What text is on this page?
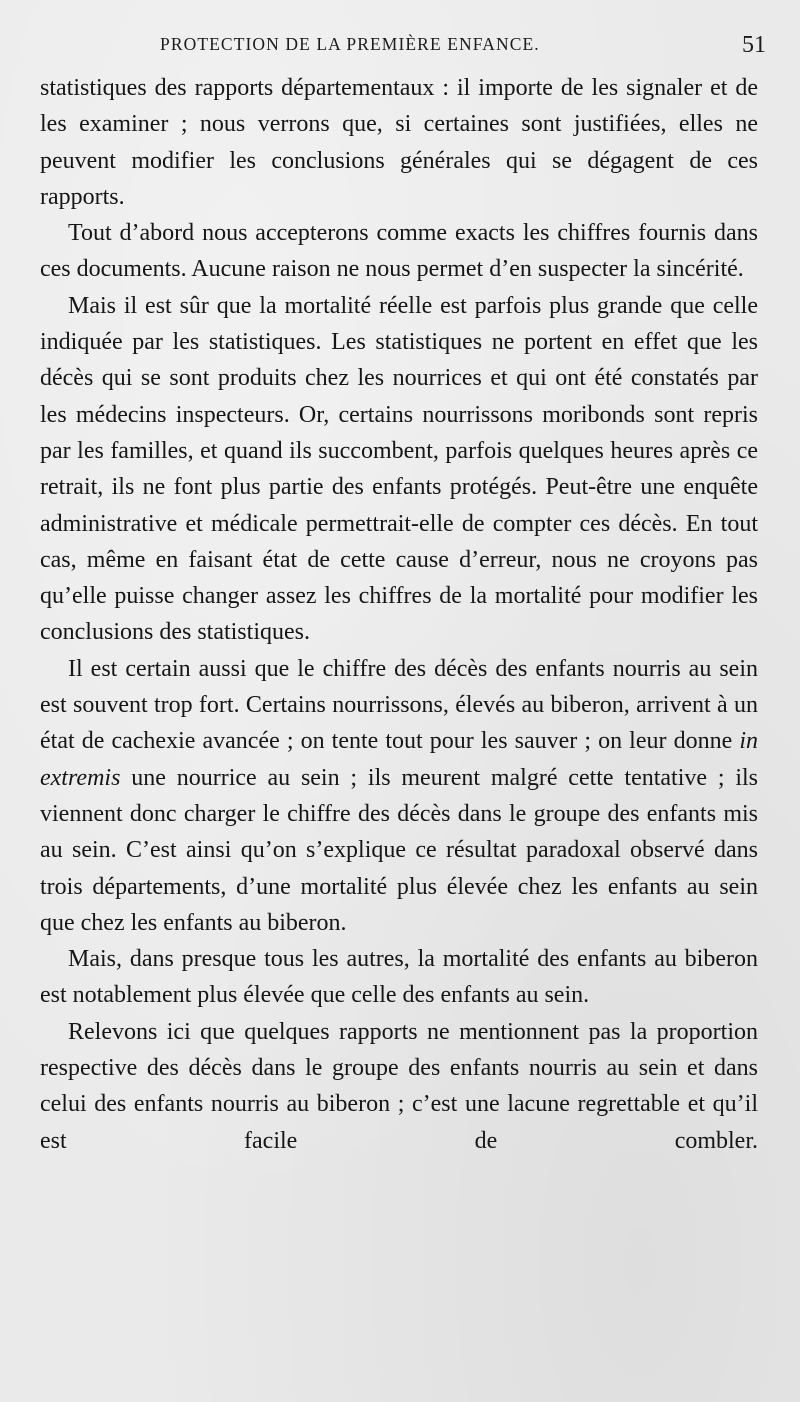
PROTECTION DE LA PREMIÈRE ENFANCE.	51

statistiques des rapports départementaux : il importe de les signaler et de les examiner ; nous verrons que, si certaines sont justifiées, elles ne peuvent modifier les conclusions générales qui se dégagent de ces rapports.

Tout d’abord nous accepterons comme exacts les chiffres fournis dans ces documents. Aucune raison ne nous permet d’en suspecter la sincérité.

Mais il est sûr que la mortalité réelle est parfois plus grande que celle indiquée par les statistiques. Les statistiques ne portent en effet que les décès qui se sont produits chez les nourrices et qui ont été constatés par les médecins inspecteurs. Or, certains nourrissons moribonds sont repris par les familles, et quand ils succombent, parfois quelques heures après ce retrait, ils ne font plus partie des enfants protégés. Peut-être une enquête administrative et médicale permettrait-elle de compter ces décès. En tout cas, même en faisant état de cette cause d’erreur, nous ne croyons pas qu’elle puisse changer assez les chiffres de la mortalité pour modifier les conclusions des statistiques.

Il est certain aussi que le chiffre des décès des enfants nourris au sein est souvent trop fort. Certains nourrissons, élevés au biberon, arrivent à un état de cachexie avancée ; on tente tout pour les sauver ; on leur donne in extremis une nourrice au sein ; ils meurent malgré cette tentative ; ils viennent donc charger le chiffre des décès dans le groupe des enfants mis au sein. C’est ainsi qu’on s’explique ce résultat paradoxal observé dans trois départements, d’une mortalité plus élevée chez les enfants au sein que chez les enfants au biberon.

Mais, dans presque tous les autres, la mortalité des enfants au biberon est notablement plus élevée que celle des enfants au sein.

Relevons ici que quelques rapports ne mentionnent pas la proportion respective des décès dans le groupe des enfants nourris au sein et dans celui des enfants nourris au biberon ; c’est une lacune regrettable et qu’il est facile de combler.
